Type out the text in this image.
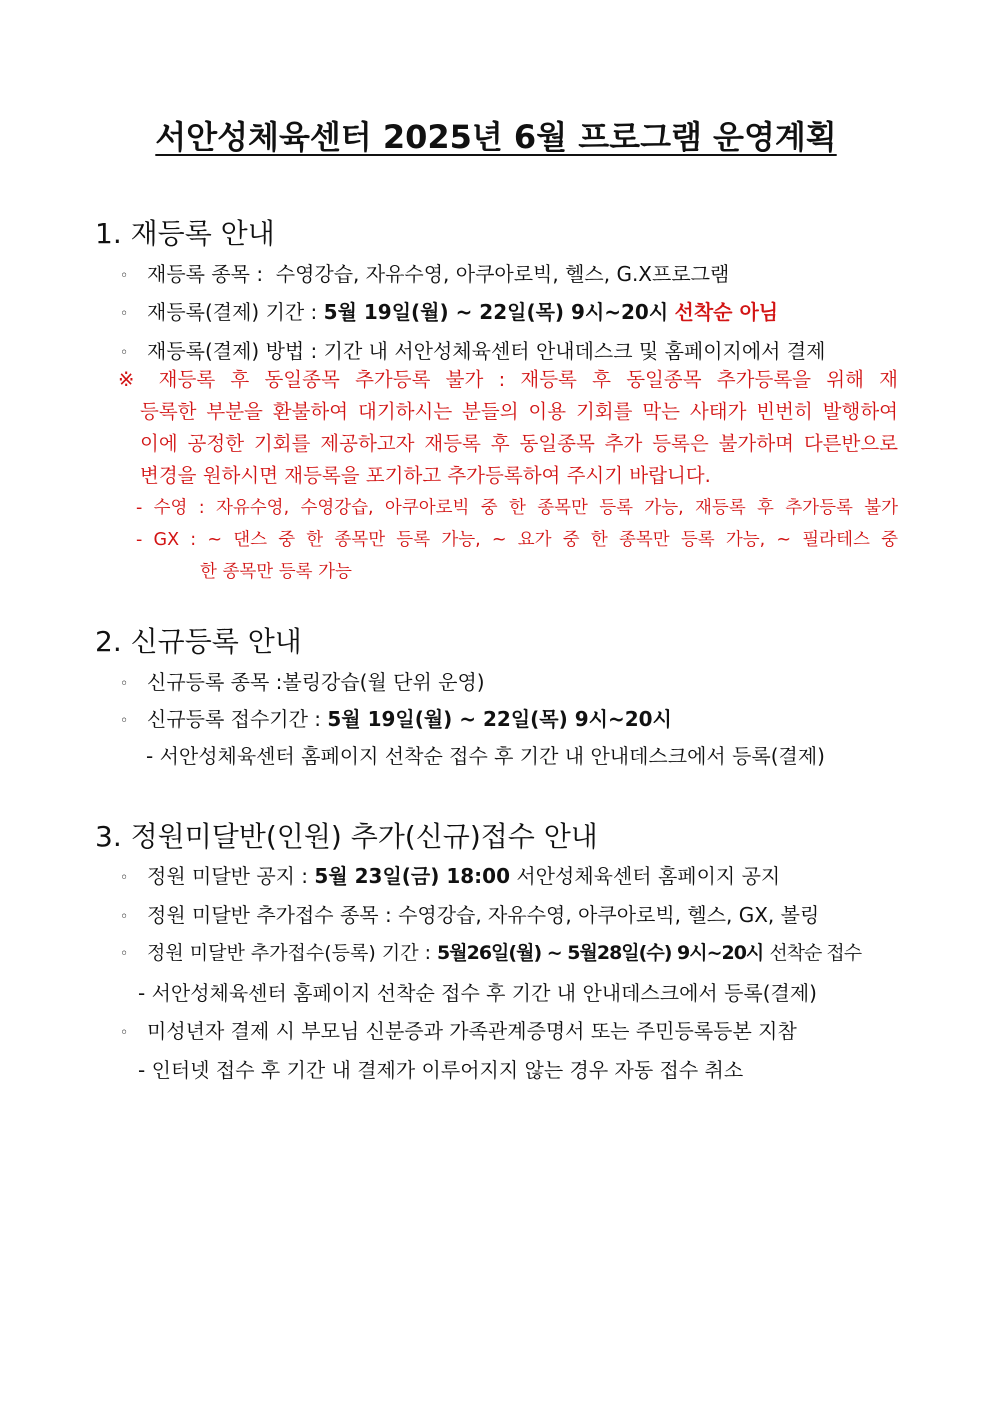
서안성체육센터 2025년 6월 프로그램 운영계획
1. 재등록 안내
◦ 재등록 종목 : 수영강습, 자유수영, 아쿠아로빅, 헬스, G.X프로그램
◦ 재등록(결제) 기간 : 5월 19일(월) ~ 22일(목) 9시~20시 선착순 아님
◦ 재등록(결제) 방법 : 기간 내 서안성체육센터 안내데스크 및 홈페이지에서 결제
※ 재등록 후 동일종목 추가등록 불가 : 재등록 후 동일종목 추가등록을 위해 재
등록한 부분을 환불하여 대기하시는 분들의 이용 기회를 막는 사태가 빈번히 발행하여
이에 공정한 기회를 제공하고자 재등록 후 동일종목 추가 등록은 불가하며 다른반으로
변경을 원하시면 재등록을 포기하고 추가등록하여 주시기 바랍니다.
- 수영 : 자유수영, 수영강습, 아쿠아로빅 중 한 종목만 등록 가능, 재등록 후 추가등록 불가
- GX : ~ 댄스 중 한 종목만 등록 가능, ~ 요가 중 한 종목만 등록 가능, ~ 필라테스 중
한 종목만 등록 가능
2. 신규등록 안내
◦ 신규등록 종목 :볼링강습(월 단위 운영)
◦ 신규등록 접수기간 : 5월 19일(월) ~ 22일(목) 9시~20시
- 서안성체육센터 홈페이지 선착순 접수 후 기간 내 안내데스크에서 등록(결제)
3. 정원미달반(인원) 추가(신규)접수 안내
◦ 정원 미달반 공지 : 5월 23일(금) 18:00 서안성체육센터 홈페이지 공지
◦ 정원 미달반 추가접수 종목 : 수영강습, 자유수영, 아쿠아로빅, 헬스, GX, 볼링
◦ 정원 미달반 추가접수(등록) 기간 : 5월26일(월) ~ 5월28일(수) 9시~20시 선착순 접수
- 서안성체육센터 홈페이지 선착순 접수 후 기간 내 안내데스크에서 등록(결제)
◦ 미성년자 결제 시 부모님 신분증과 가족관계증명서 또는 주민등록등본 지참
- 인터넷 접수 후 기간 내 결제가 이루어지지 않는 경우 자동 접수 취소
